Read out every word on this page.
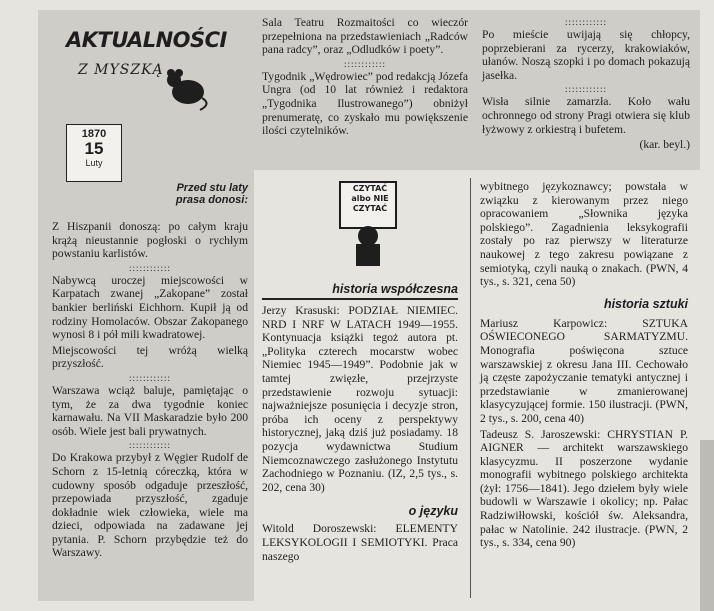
AKTUALNOŚCI
Z MYSZKĄ
1870
15
Luty
Przed stu laty
prasa donosi:

Z Hiszpanii donoszą: po całym kraju krążą nieustannie pogłoski o rychłym powstaniu karlistów.

::::::::::::

Nabywcą uroczej miejscowości w Karpatach zwanej „Zakopane” został bankier berliński Eichhorn. Kupił ją od rodziny Homolaców. Obszar Zakopanego wynosi 8 i pół mili kwadratowej.

Miejscowości tej wróżą wielką przyszłość.

::::::::::::

Warszawa wciąż baluje, pamiętając o tym, że za dwa tygodnie koniec karnawału. Na VII Maskaradzie było 200 osób. Wiele jest bali prywatnych.

::::::::::::

Do Krakowa przybył z Węgier Rudolf de Schorn z 15-letnią córeczką, która w cudowny sposób odgaduje przeszłość, przepowiada przyszłość, zgaduje dokładnie wiek człowieka, wiele ma dzieci, odpowiada na zadawane jej pytania. P. Schorn przybędzie też do Warszawy.

Sala Teatru Rozmaitości co wieczór przepełniona na przedstawieniach „Radców pana radcy”, oraz „Odludków i poety”.

::::::::::::

Tygodnik „Wędrowiec” pod redakcją Józefa Ungra (od 10 lat również i redaktora „Tygodnika Ilustrowanego”) obniżył prenumeratę, co zyskało mu powiększenie ilości czytelników.

::::::::::::

Po mieście uwijają się chłopcy, poprzebierani za rycerzy, krakowiaków, ułanów. Noszą szopki i po domach pokazują jasełka.

::::::::::::

Wisła silnie zamarzła. Koło wału ochronnego od strony Pragi otwiera się klub łyżwowy z orkiestrą i bufetem.

(kar. beyl.)
CZYTAĆ albo NIE CZYTAĆ
historia współczesna

Jerzy Krasuski: PODZIAŁ NIEMIEC. NRD I NRF W LATACH 1949—1955. Kontynuacja książki tegoż autora pt. „Polityka czterech mocarstw wobec Niemiec 1945—1949”. Podobnie jak w tamtej zwięzłe, przejrzyste przedstawienie rozwoju sytuacji: najważniejsze posunięcia i decyzje stron, próba ich oceny z perspektywy historycznej, jaką dziś już posiadamy. 18 pozycja wydawnictwa Studium Niemcoznawczego zasłużonego Instytutu Zachodniego w Poznaniu. (IZ, 2,5 tys., s. 202, cena 30)

o języku

Witold Doroszewski: ELEMENTY LEKSYKOLOGII I SEMIOTYKI. Praca naszego

wybitnego językoznawcy; powstała w związku z kierowanym przez niego opracowaniem „Słownika języka polskiego”. Zagadnienia leksykografii zostały po raz pierwszy w literaturze naukowej z tego zakresu powiązane z semiotyką, czyli nauką o znakach. (PWN, 4 tys., s. 321, cena 50)

historia sztuki

Mariusz Karpowicz: SZTUKA OŚWIECONEGO SARMATYZMU. Monografia poświęcona sztuce warszawskiej z okresu Jana III. Cechowało ją częste zapożyczanie tematyki antycznej i przedstawianie w zmanierowanej klasycyzującej formie. 150 ilustracji. (PWN, 2 tys., s. 200, cena 40)

Tadeusz S. Jaroszewski: CHRYSTIAN P. AIGNER — architekt warszawskiego klasycyzmu. II poszerzone wydanie monografii wybitnego polskiego architekta (żył: 1756—1841). Jego dziełem były wiele budowli w Warszawie i okolicy; np. Pałac Radziwiłłowski, kościół św. Aleksandra, pałac w Natolinie. 242 ilustracje. (PWN, 2 tys., s. 334, cena 90)
